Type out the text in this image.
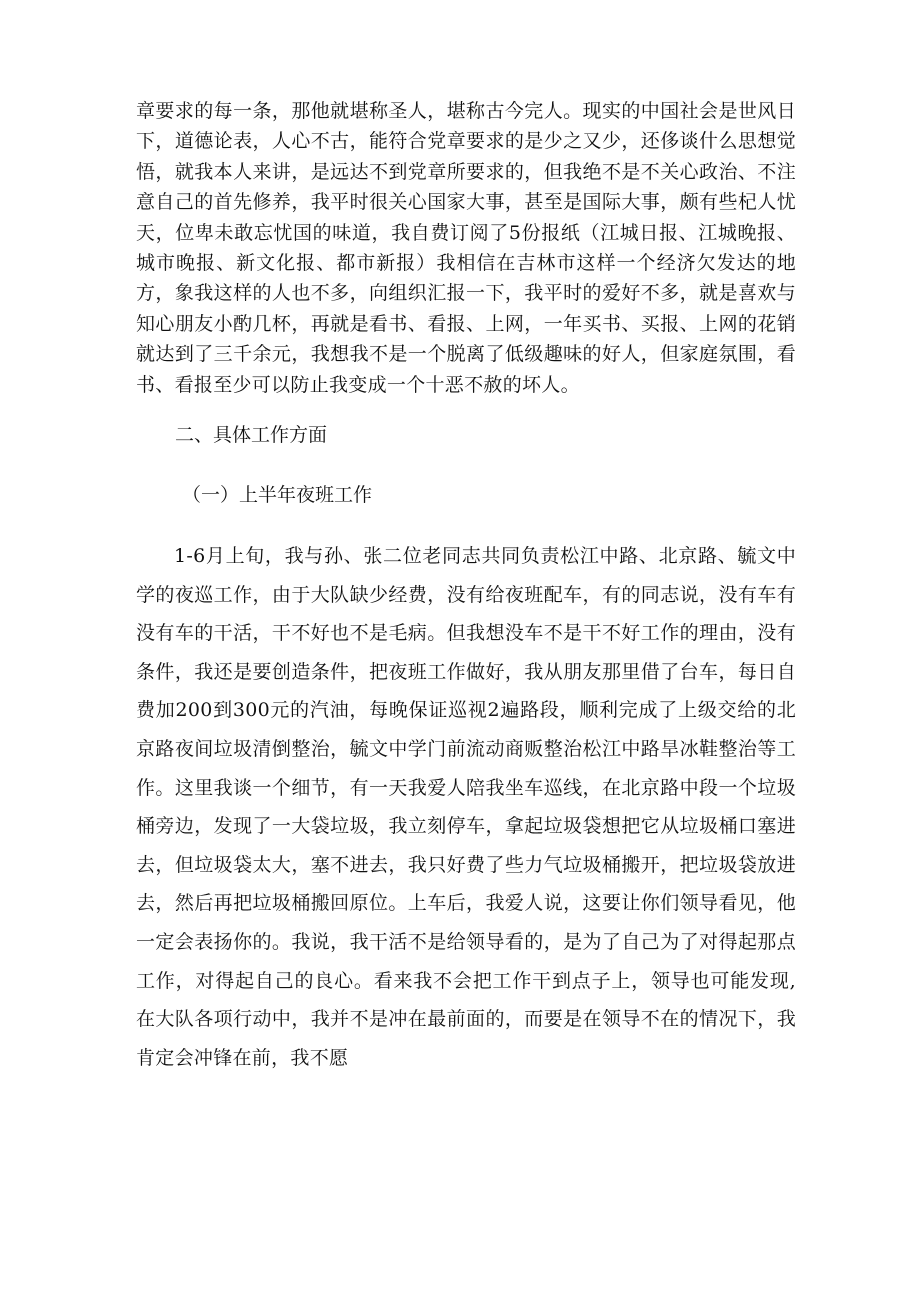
章要求的每一条，那他就堪称圣人，堪称古今完人。现实的中国社会是世风日下，道德论表，人心不古，能符合党章要求的是少之又少，还侈谈什么思想觉悟，就我本人来讲，是远达不到党章所要求的，但我绝不是不关心政治、不注意自己的首先修养，我平时很关心国家大事，甚至是国际大事，颇有些杞人忧天，位卑未敢忘忧国的味道，我自费订阅了5份报纸（江城日报、江城晚报、城市晚报、新文化报、都市新报）我相信在吉林市这样一个经济欠发达的地方，象我这样的人也不多，向组织汇报一下，我平时的爱好不多，就是喜欢与知心朋友小酌几杯，再就是看书、看报、上网，一年买书、买报、上网的花销就达到了三千余元，我想我不是一个脱离了低级趣味的好人，但家庭氛围，看书、看报至少可以防止我变成一个十恶不赦的坏人。

二、具体工作方面

（一）上半年夜班工作

1-6月上旬，我与孙、张二位老同志共同负责松江中路、北京路、毓文中学的夜巡工作，由于大队缺少经费，没有给夜班配车，有的同志说，没有车有没有车的干活，干不好也不是毛病。但我想没车不是干不好工作的理由，没有条件，我还是要创造条件，把夜班工作做好，我从朋友那里借了台车，每日自费加200到300元的汽油，每晚保证巡视2遍路段，顺利完成了上级交给的北京路夜间垃圾清倒整治，毓文中学门前流动商贩整治松江中路旱冰鞋整治等工作。这里我谈一个细节，有一天我爱人陪我坐车巡线，在北京路中段一个垃圾桶旁边，发现了一大袋垃圾，我立刻停车，拿起垃圾袋想把它从垃圾桶口塞进去，但垃圾袋太大，塞不进去，我只好费了些力气垃圾桶搬开，把垃圾袋放进去，然后再把垃圾桶搬回原位。上车后，我爱人说，这要让你们领导看见，他一定会表扬你的。我说，我干活不是给领导看的，是为了自己为了对得起那点工作，对得起自己的良心。看来我不会把工作干到点子上，领导也可能发现,在大队各项行动中，我并不是冲在最前面的，而要是在领导不在的情况下，我肯定会冲锋在前，我不愿
